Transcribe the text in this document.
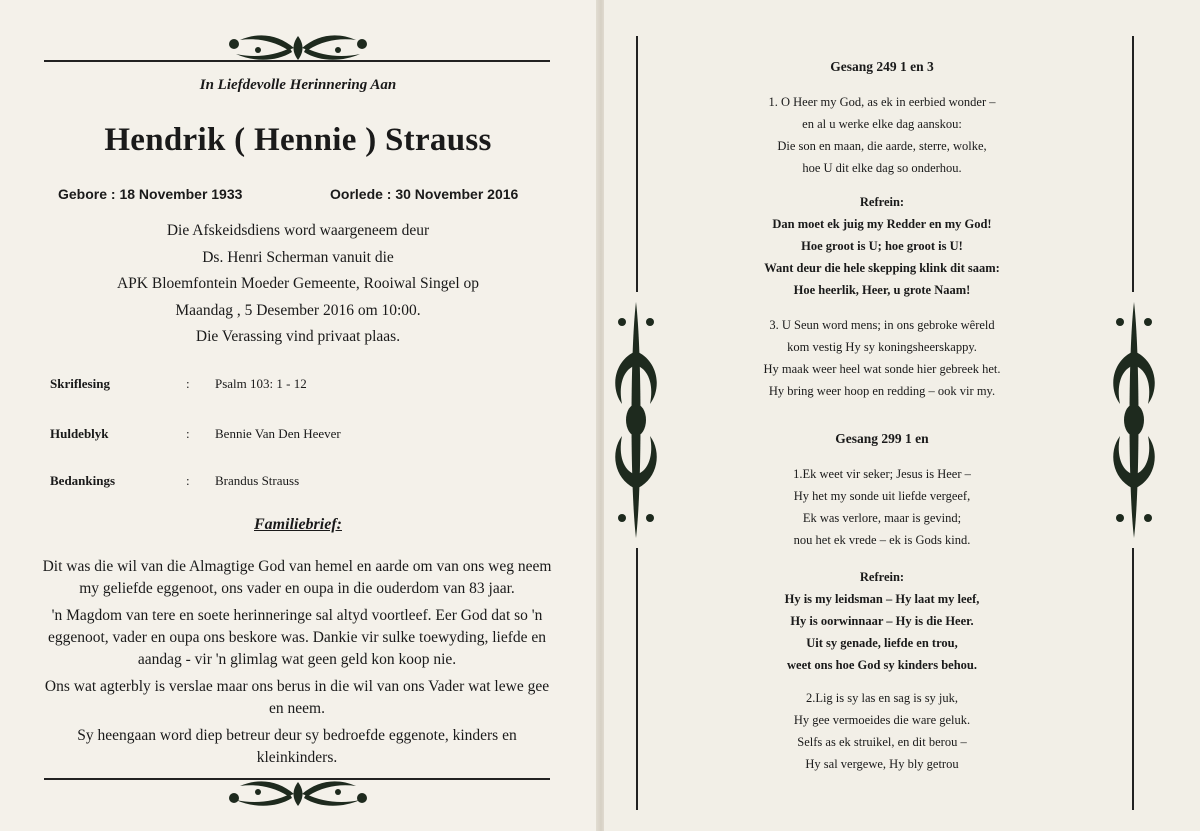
In Liefdevolle Herinnering Aan
Hendrik ( Hennie ) Strauss
Gebore : 18 November 1933	Oorlede : 30 November 2016
Die Afskeidsdiens word waargeneem deur
Ds. Henri Scherman vanuit die
APK Bloemfontein Moeder Gemeente, Rooiwal Singel op
Maandag , 5 Desember 2016 om 10:00.
Die Verassing vind privaat plaas.
Skriflesing	: Psalm 103: 1 - 12
Huldeblyk	: Bennie Van Den Heever
Bedankings	: Brandus Strauss
Familiebrief:

Dit was die wil van die Almagtige God van hemel en aarde om van ons weg neem my geliefde eggenoot, ons vader en oupa in die ouderdom van 83 jaar.

'n Magdom van tere en soete herinneringe sal altyd voortleef. Eer God dat so 'n eggenoot, vader en oupa ons beskore was. Dankie vir sulke toewyding, liefde en aandag - vir 'n glimlag wat geen geld kon koop nie.

Ons wat agterbly is verslae maar ons berus in die wil van ons Vader wat lewe gee en neem.

Sy heengaan word diep betreur deur sy bedroefde eggenote, kinders en kleinkinders.

Gesang 249 1 en 3
1. O Heer my God, as ek in eerbied wonder –
en al u werke elke dag aanskou:
Die son en maan, die aarde, sterre, wolke,
hoe U dit elke dag so onderhou.
Refrein:
Dan moet ek juig my Redder en my God!
Hoe groot is U; hoe groot is U!
Want deur die hele skepping klink dit saam:
Hoe heerlik, Heer, u grote Naam!
3. U Seun word mens; in ons gebroke wêreld
kom vestig Hy sy koningsheerskappy.
Hy maak weer heel wat sonde hier gebreek het.
Hy bring weer hoop en redding – ook vir my.
Gesang 299 1 en
1.Ek weet vir seker; Jesus is Heer –
Hy het my sonde uit liefde vergeef,
Ek was verlore, maar is gevind;
nou het ek vrede – ek is Gods kind.
Refrein:
Hy is my leidsman – Hy laat my leef,
Hy is oorwinnaar – Hy is die Heer.
Uit sy genade, liefde en trou,
weet ons hoe God sy kinders behou.
2.Lig is sy las en sag is sy juk,
Hy gee vermoeides die ware geluk.
Selfs as ek struikel, en dit berou –
Hy sal vergewe, Hy bly getrou
